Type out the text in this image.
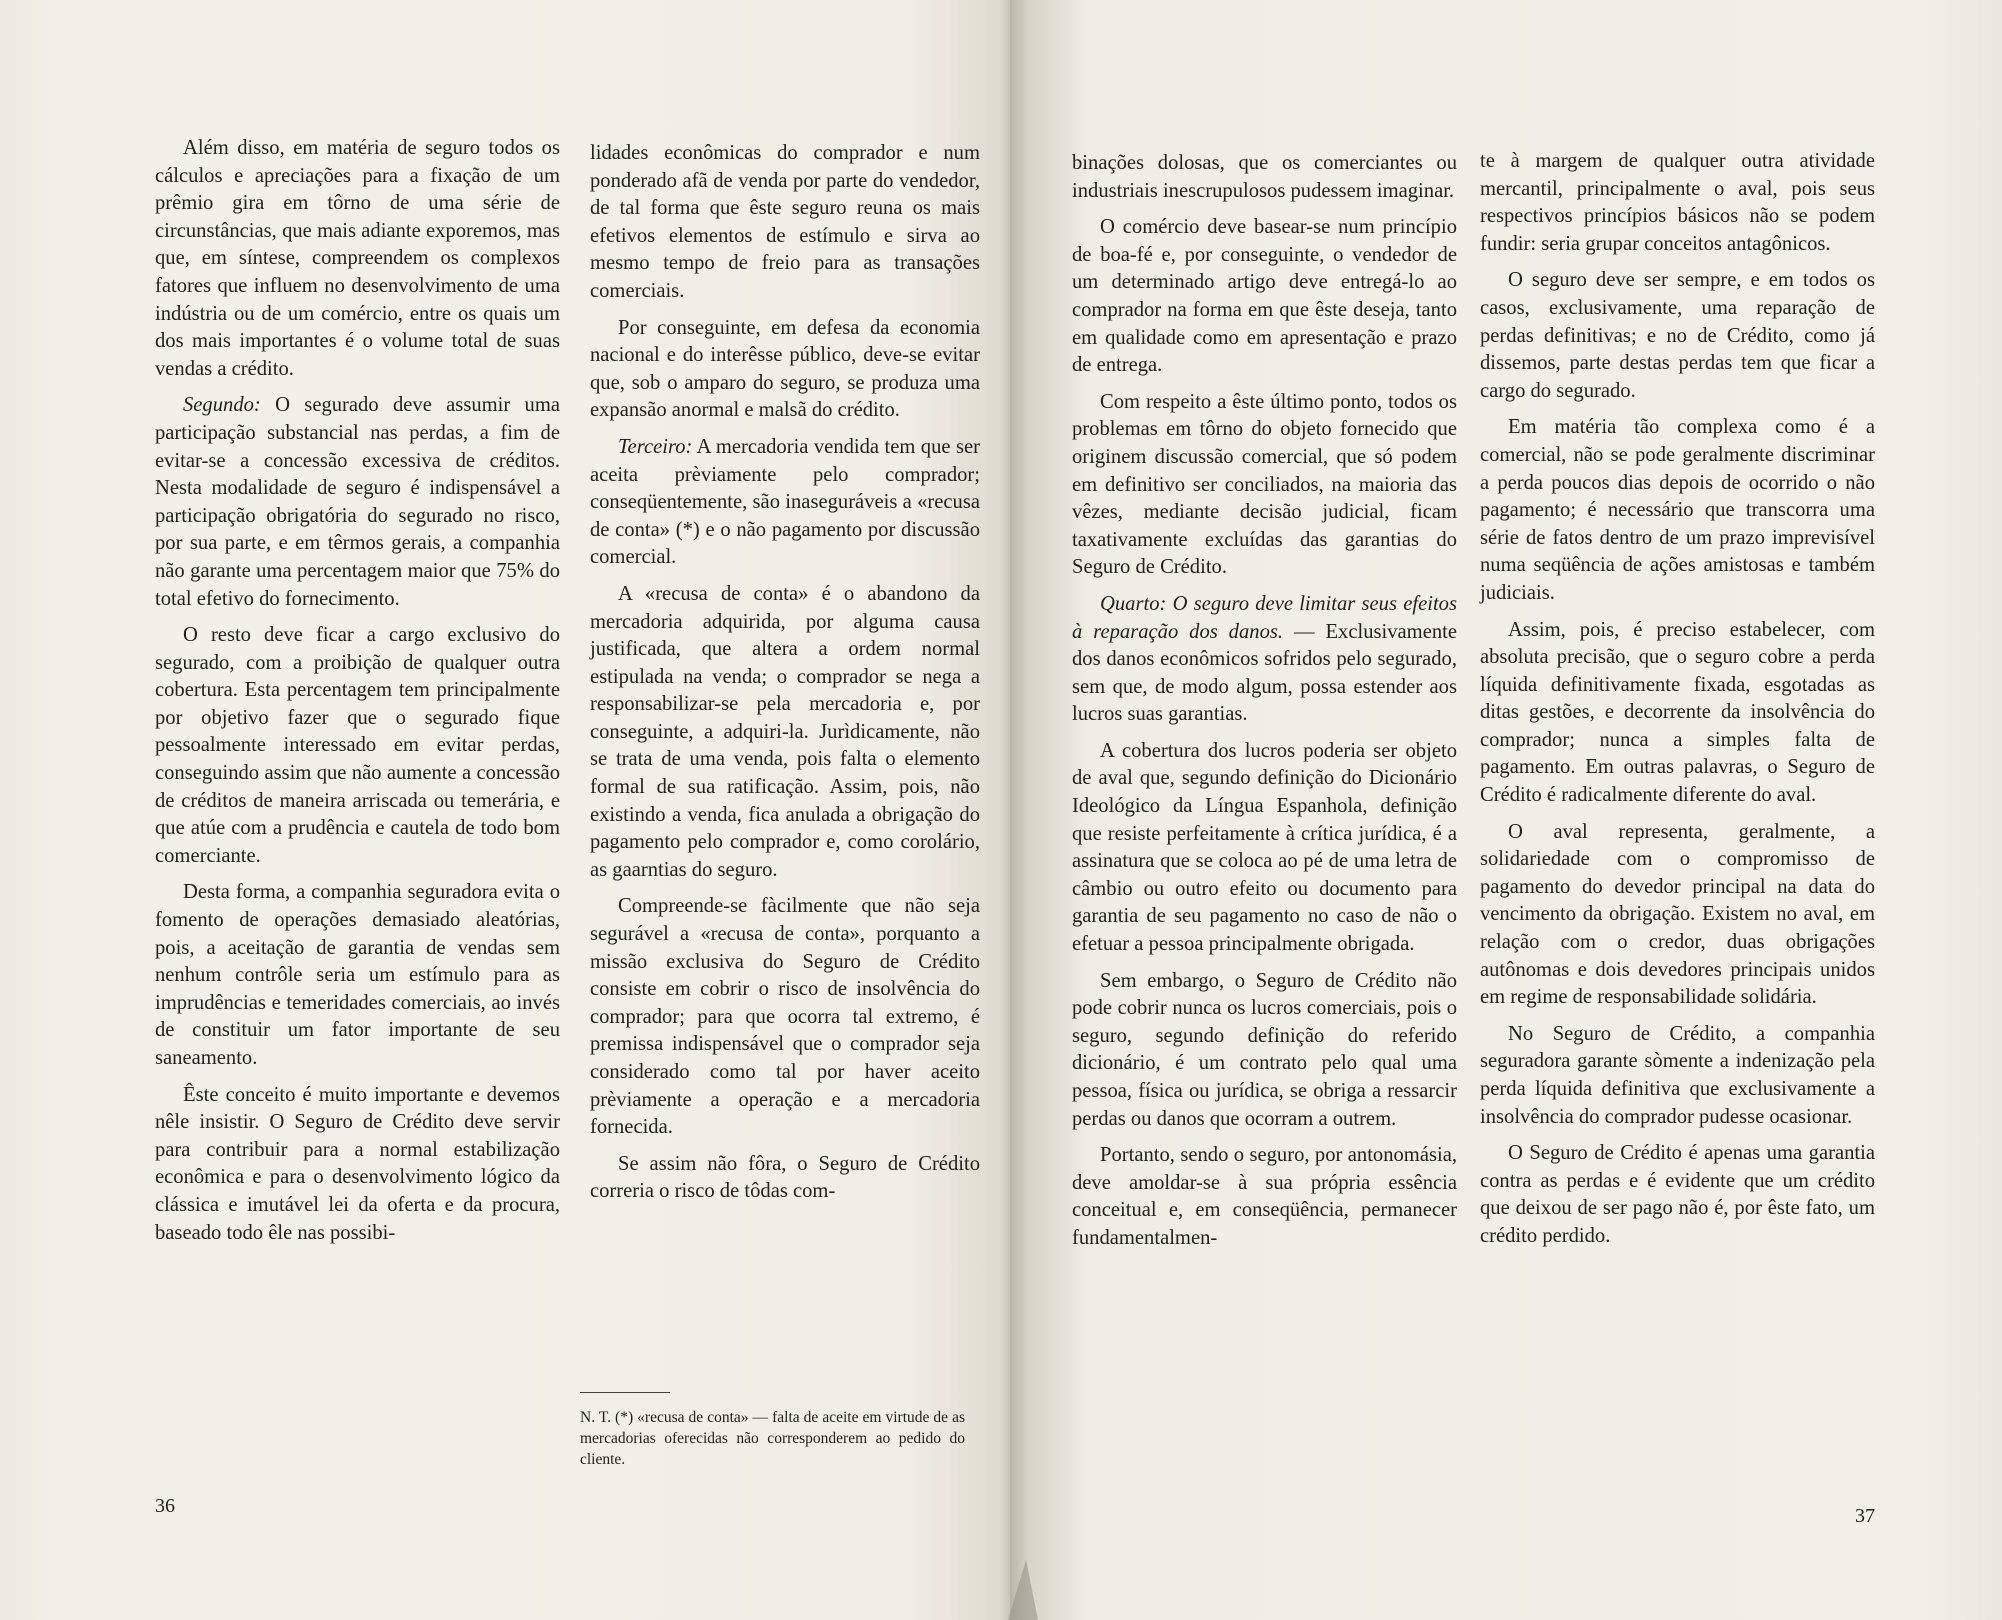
Além disso, em matéria de seguro todos os cálculos e apreciações para a fixação de um prêmio gira em tôrno de uma série de circunstâncias, que mais adiante exporemos, mas que, em síntese, compreendem os complexos fatores que influem no desenvolvimento de uma indústria ou de um comércio, entre os quais um dos mais importantes é o volume total de suas vendas a crédito.

Segundo: O segurado deve assumir uma participação substancial nas perdas, a fim de evitar-se a concessão excessiva de créditos. Nesta modalidade de seguro é indispensável a participação obrigatória do segurado no risco, por sua parte, e em têrmos gerais, a companhia não garante uma percentagem maior que 75% do total efetivo do fornecimento.

O resto deve ficar a cargo exclusivo do segurado, com a proibição de qualquer outra cobertura. Esta percentagem tem principalmente por objetivo fazer que o segurado fique pessoalmente interessado em evitar perdas, conseguindo assim que não aumente a concessão de créditos de maneira arriscada ou temerária, e que atúe com a prudência e cautela de todo bom comerciante.

Desta forma, a companhia seguradora evita o fomento de operações demasiado aleatórias, pois, a aceitação de garantia de vendas sem nenhum contrôle seria um estímulo para as imprudências e temeridades comerciais, ao invés de constituir um fator importante de seu saneamento.

Êste conceito é muito importante e devemos nêle insistir. O Seguro de Crédito deve servir para contribuir para a normal estabilização econômica e para o desenvolvimento lógico da clássica e imutável lei da oferta e da procura, baseado todo êle nas possibi-

lidades econômicas do comprador e num ponderado afã de venda por parte do vendedor, de tal forma que êste seguro reuna os mais efetivos elementos de estímulo e sirva ao mesmo tempo de freio para as transações comerciais.

Por conseguinte, em defesa da economia nacional e do interêsse público, deve-se evitar que, sob o amparo do seguro, se produza uma expansão anormal e malsã do crédito.

Terceiro: A mercadoria vendida tem que ser aceita prèviamente pelo comprador; conseqüentemente, são inaseguráveis a «recusa de conta» (*) e o não pagamento por discussão comercial.

A «recusa de conta» é o abandono da mercadoria adquirida, por alguma causa justificada, que altera a ordem normal estipulada na venda; o comprador se nega a responsabilizar-se pela mercadoria e, por conseguinte, a adquiri-la. Jurìdicamente, não se trata de uma venda, pois falta o elemento formal de sua ratificação. Assim, pois, não existindo a venda, fica anulada a obrigação do pagamento pelo comprador e, como corolário, as gaarntias do seguro.

Compreende-se fàcilmente que não seja segurável a «recusa de conta», porquanto a missão exclusiva do Seguro de Crédito consiste em cobrir o risco de insolvência do comprador; para que ocorra tal extremo, é premissa indispensável que o comprador seja considerado como tal por haver aceito prèviamente a operação e a mercadoria fornecida.

Se assim não fôra, o Seguro de Crédito correria o risco de tôdas com-

N. T. (*) «recusa de conta» — falta de aceite em virtude de as mercadorias oferecidas não corresponderem ao pedido do cliente.

36

binações dolosas, que os comerciantes ou industriais inescrupulosos pudessem imaginar.

O comércio deve basear-se num princípio de boa-fé e, por conseguinte, o vendedor de um determinado artigo deve entregá-lo ao comprador na forma em que êste deseja, tanto em qualidade como em apresentação e prazo de entrega.

Com respeito a êste último ponto, todos os problemas em tôrno do objeto fornecido que originem discussão comercial, que só podem em definitivo ser conciliados, na maioria das vêzes, mediante decisão judicial, ficam taxativamente excluídas das garantias do Seguro de Crédito.

Quarto: O seguro deve limitar seus efeitos à reparação dos danos. — Exclusivamente dos danos econômicos sofridos pelo segurado, sem que, de modo algum, possa estender aos lucros suas garantias.

A cobertura dos lucros poderia ser objeto de aval que, segundo definição do Dicionário Ideológico da Língua Espanhola, definição que resiste perfeitamente à crítica jurídica, é a assinatura que se coloca ao pé de uma letra de câmbio ou outro efeito ou documento para garantia de seu pagamento no caso de não o efetuar a pessoa principalmente obrigada.

Sem embargo, o Seguro de Crédito não pode cobrir nunca os lucros comerciais, pois o seguro, segundo definição do referido dicionário, é um contrato pelo qual uma pessoa, física ou jurídica, se obriga a ressarcir perdas ou danos que ocorram a outrem.

Portanto, sendo o seguro, por antonomásia, deve amoldar-se à sua própria essência conceitual e, em conseqüência, permanecer fundamentalmen-

te à margem de qualquer outra atividade mercantil, principalmente o aval, pois seus respectivos princípios básicos não se podem fundir: seria grupar conceitos antagônicos.

O seguro deve ser sempre, e em todos os casos, exclusivamente, uma reparação de perdas definitivas; e no de Crédito, como já dissemos, parte destas perdas tem que ficar a cargo do segurado.

Em matéria tão complexa como é a comercial, não se pode geralmente discriminar a perda poucos dias depois de ocorrido o não pagamento; é necessário que transcorra uma série de fatos dentro de um prazo imprevisível numa seqüência de ações amistosas e também judiciais.

Assim, pois, é preciso estabelecer, com absoluta precisão, que o seguro cobre a perda líquida definitivamente fixada, esgotadas as ditas gestões, e decorrente da insolvência do comprador; nunca a simples falta de pagamento. Em outras palavras, o Seguro de Crédito é radicalmente diferente do aval.

O aval representa, geralmente, a solidariedade com o compromisso de pagamento do devedor principal na data do vencimento da obrigação. Existem no aval, em relação com o credor, duas obrigações autônomas e dois devedores principais unidos em regime de responsabilidade solidária.

No Seguro de Crédito, a companhia seguradora garante sòmente a indenização pela perda líquida definitiva que exclusivamente a insolvência do comprador pudesse ocasionar.

O Seguro de Crédito é apenas uma garantia contra as perdas e é evidente que um crédito que deixou de ser pago não é, por êste fato, um crédito perdido.

37
